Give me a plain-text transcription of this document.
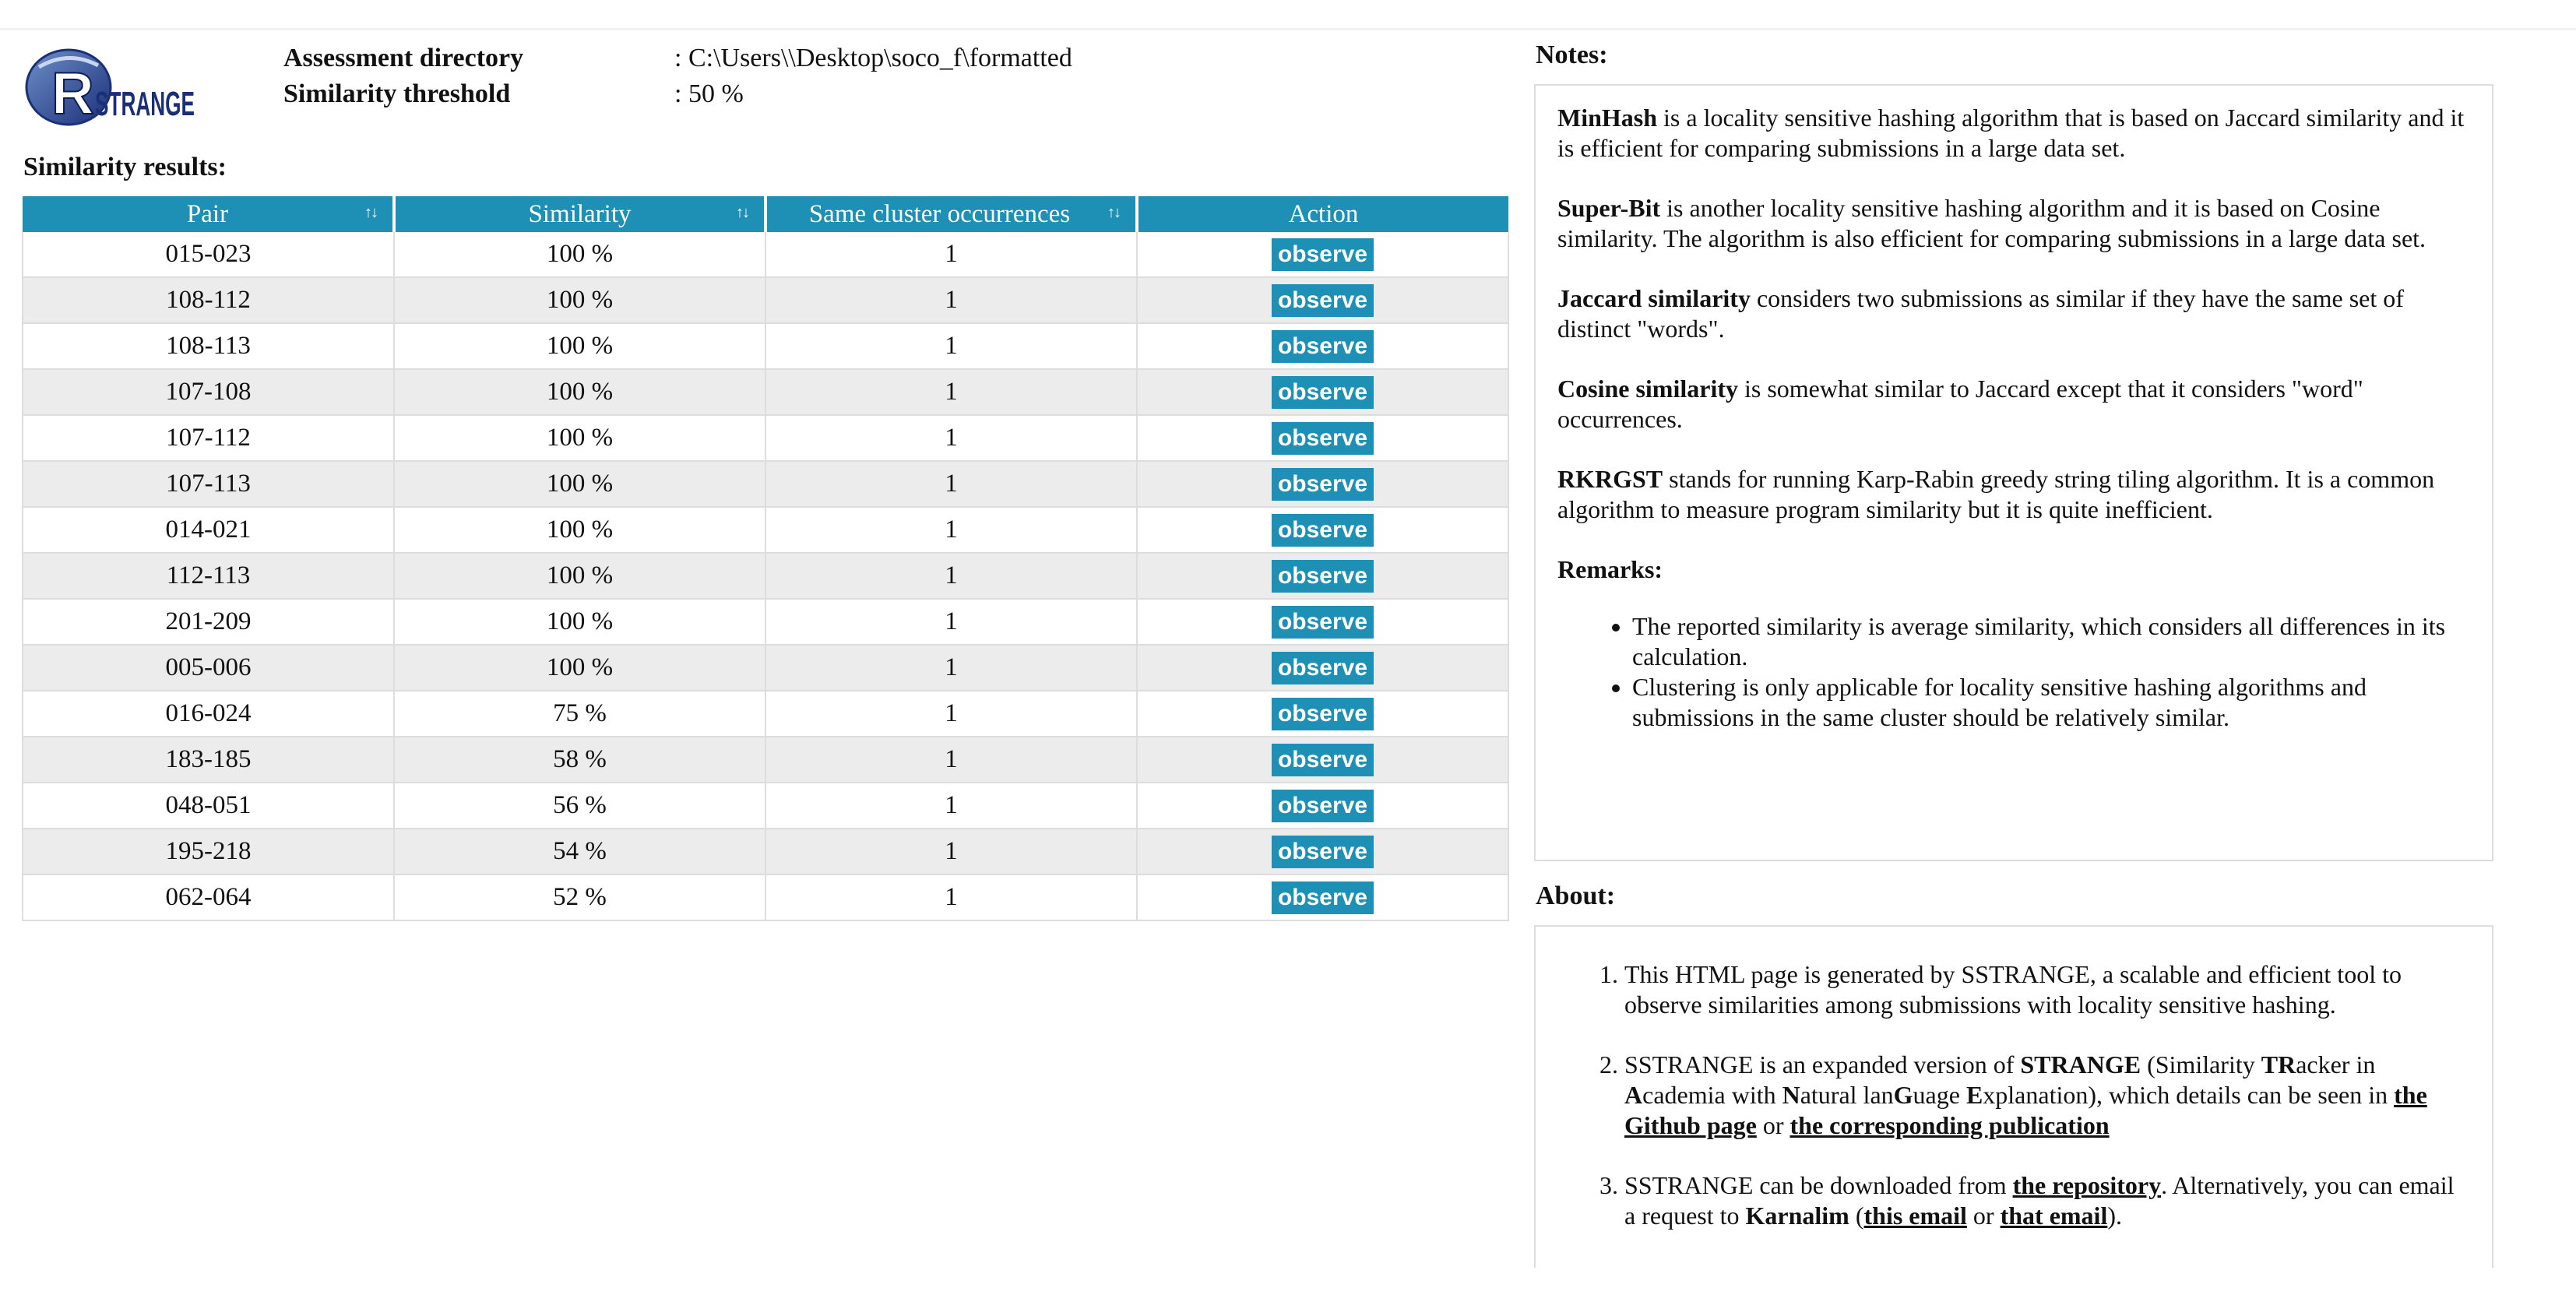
R STRANGE
Assessment directory	: C:\Users\\Desktop\soco_f\formatted
Similarity threshold	: 50 %
Similarity results:
Pair ↑↓	Similarity ↑↓	Same cluster occurrences ↑↓	Action
015-023	100 %	1	observe
108-112	100 %	1	observe
108-113	100 %	1	observe
107-108	100 %	1	observe
107-112	100 %	1	observe
107-113	100 %	1	observe
014-021	100 %	1	observe
112-113	100 %	1	observe
201-209	100 %	1	observe
005-006	100 %	1	observe
016-024	75 %	1	observe
183-185	58 %	1	observe
048-051	56 %	1	observe
195-218	54 %	1	observe
062-064	52 %	1	observe
Notes:

MinHash is a locality sensitive hashing algorithm that is based on Jaccard similarity and it is efficient for comparing submissions in a large data set.

Super-Bit is another locality sensitive hashing algorithm and it is based on Cosine similarity. The algorithm is also efficient for comparing submissions in a large data set.

Jaccard similarity considers two submissions as similar if they have the same set of distinct "words".

Cosine similarity is somewhat similar to Jaccard except that it considers "word" occurrences.

RKRGST stands for running Karp-Rabin greedy string tiling algorithm. It is a common algorithm to measure program similarity but it is quite inefficient.

Remarks:
• The reported similarity is average similarity, which considers all differences in its calculation.
• Clustering is only applicable for locality sensitive hashing algorithms and submissions in the same cluster should be relatively similar.
About:
1. This HTML page is generated by SSTRANGE, a scalable and efficient tool to observe similarities among submissions with locality sensitive hashing.
2. SSTRANGE is an expanded version of STRANGE (Similarity TRacker in Academia with Natural lanGuage Explanation), which details can be seen in the Github page or the corresponding publication
3. SSTRANGE can be downloaded from the repository. Alternatively, you can email a request to Karnalim (this email or that email).
